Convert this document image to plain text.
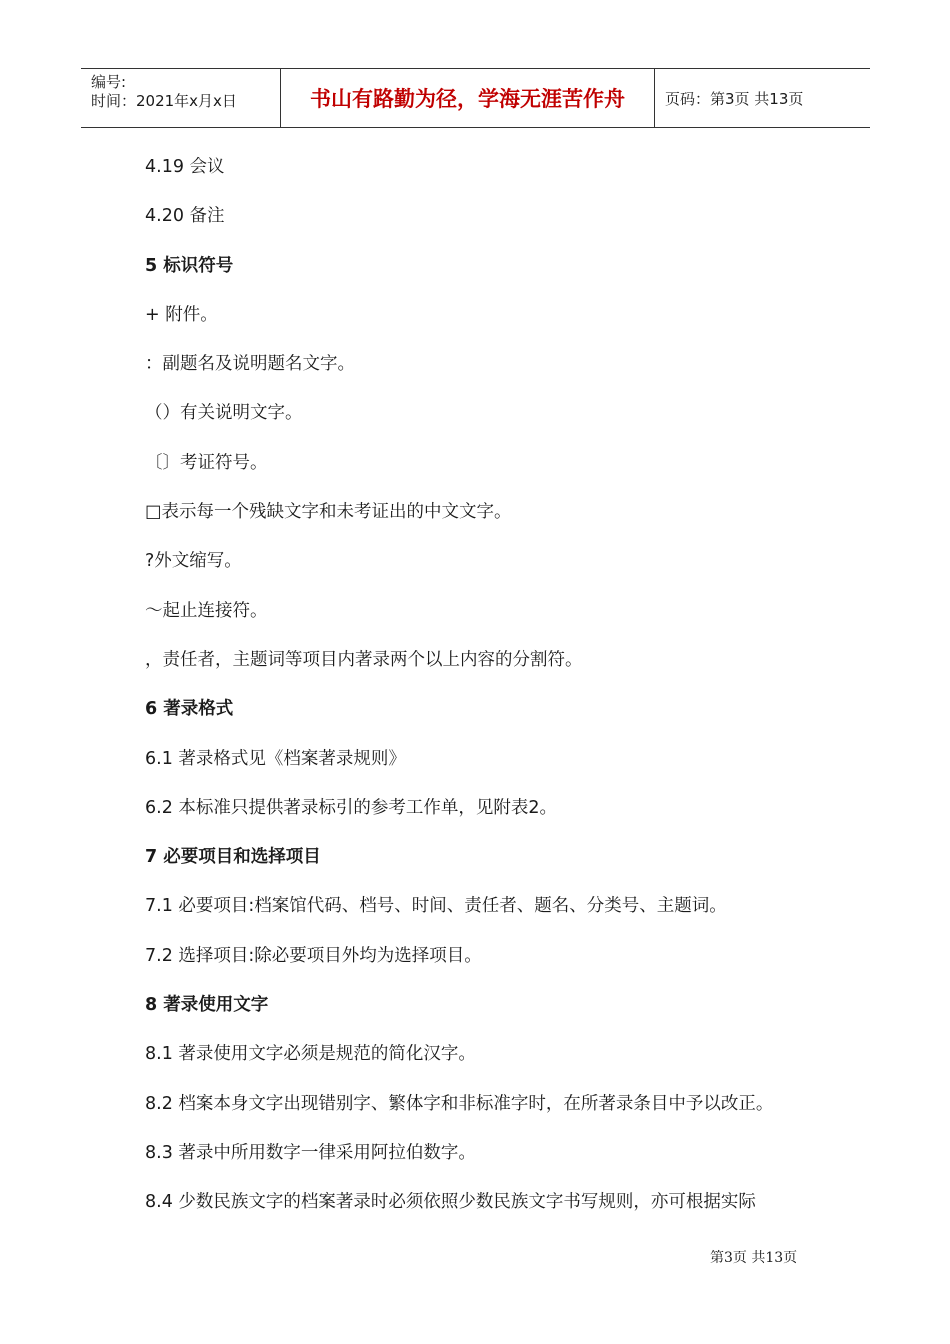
编号:
时间：2021年x月x日	书山有路勤为径，学海无涯苦作舟	页码：第3页 共13页
4.19 会议
4.20 备注
5 标识符号
+ 附件。
：副题名及说明题名文字。
（）有关说明文字。
〔〕考证符号。
□表示每一个残缺文字和未考证出的中文文字。
?外文缩写。
～起止连接符。
，责任者，主题词等项目内著录两个以上内容的分割符。
6 著录格式
6.1 著录格式见《档案著录规则》
6.2 本标准只提供著录标引的参考工作单，见附表2。
7 必要项目和选择项目
7.1 必要项目:档案馆代码、档号、时间、责任者、题名、分类号、主题词。
7.2 选择项目:除必要项目外均为选择项目。
8 著录使用文字
8.1 著录使用文字必须是规范的简化汉字。
8.2 档案本身文字出现错别字、繁体字和非标准字时，在所著录条目中予以改正。
8.3 著录中所用数字一律采用阿拉伯数字。
8.4 少数民族文字的档案著录时必须依照少数民族文字书写规则，亦可根据实际
第3页 共13页
